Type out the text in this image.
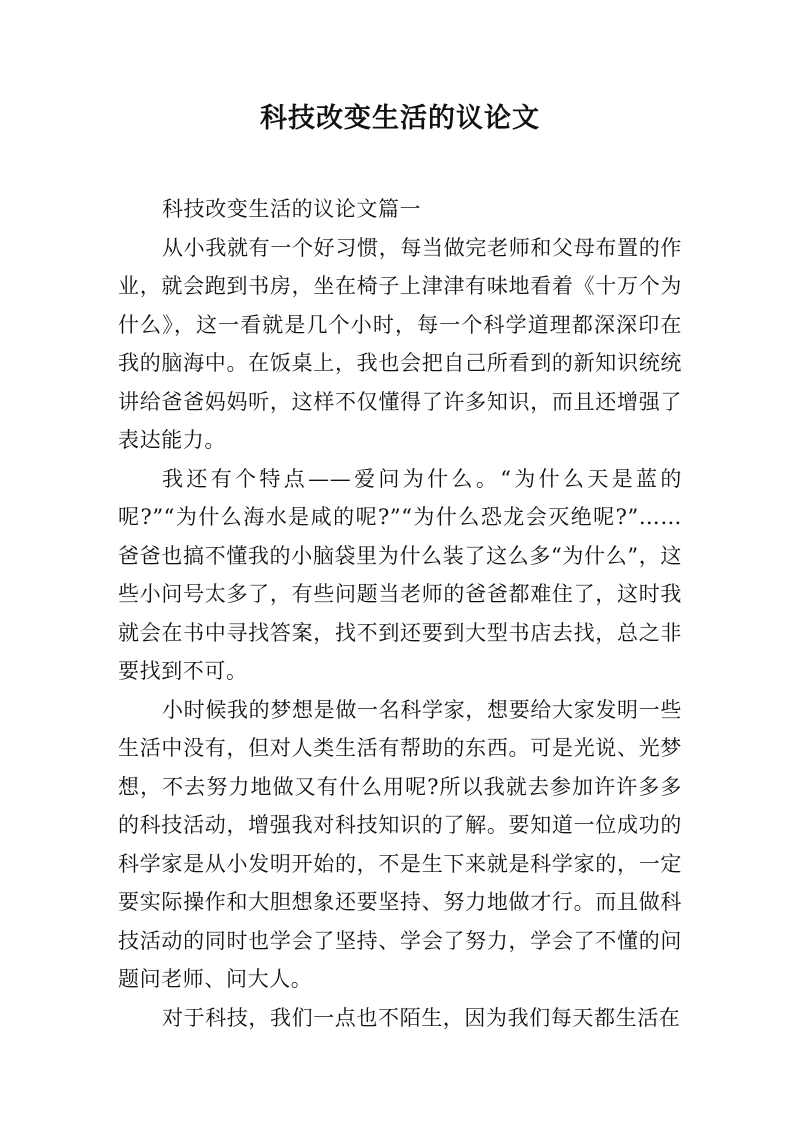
科技改变生活的议论文

科技改变生活的议论文篇一

从小我就有一个好习惯，每当做完老师和父母布置的作业，就会跑到书房，坐在椅子上津津有味地看着《十万个为什么》，这一看就是几个小时，每一个科学道理都深深印在我的脑海中。在饭桌上，我也会把自己所看到的新知识统统讲给爸爸妈妈听，这样不仅懂得了许多知识，而且还增强了表达能力。

我还有个特点——爱问为什么。“为什么天是蓝的呢?”“为什么海水是咸的呢?”“为什么恐龙会灭绝呢?”……爸爸也搞不懂我的小脑袋里为什么装了这么多“为什么”，这些小问号太多了，有些问题当老师的爸爸都难住了，这时我就会在书中寻找答案，找不到还要到大型书店去找，总之非要找到不可。

小时候我的梦想是做一名科学家，想要给大家发明一些生活中没有，但对人类生活有帮助的东西。可是光说、光梦想，不去努力地做又有什么用呢?所以我就去参加许许多多的科技活动，增强我对科技知识的了解。要知道一位成功的科学家是从小发明开始的，不是生下来就是科学家的，一定要实际操作和大胆想象还要坚持、努力地做才行。而且做科技活动的同时也学会了坚持、学会了努力，学会了不懂的问题问老师、问大人。

对于科技，我们一点也不陌生，因为我们每天都生活在
